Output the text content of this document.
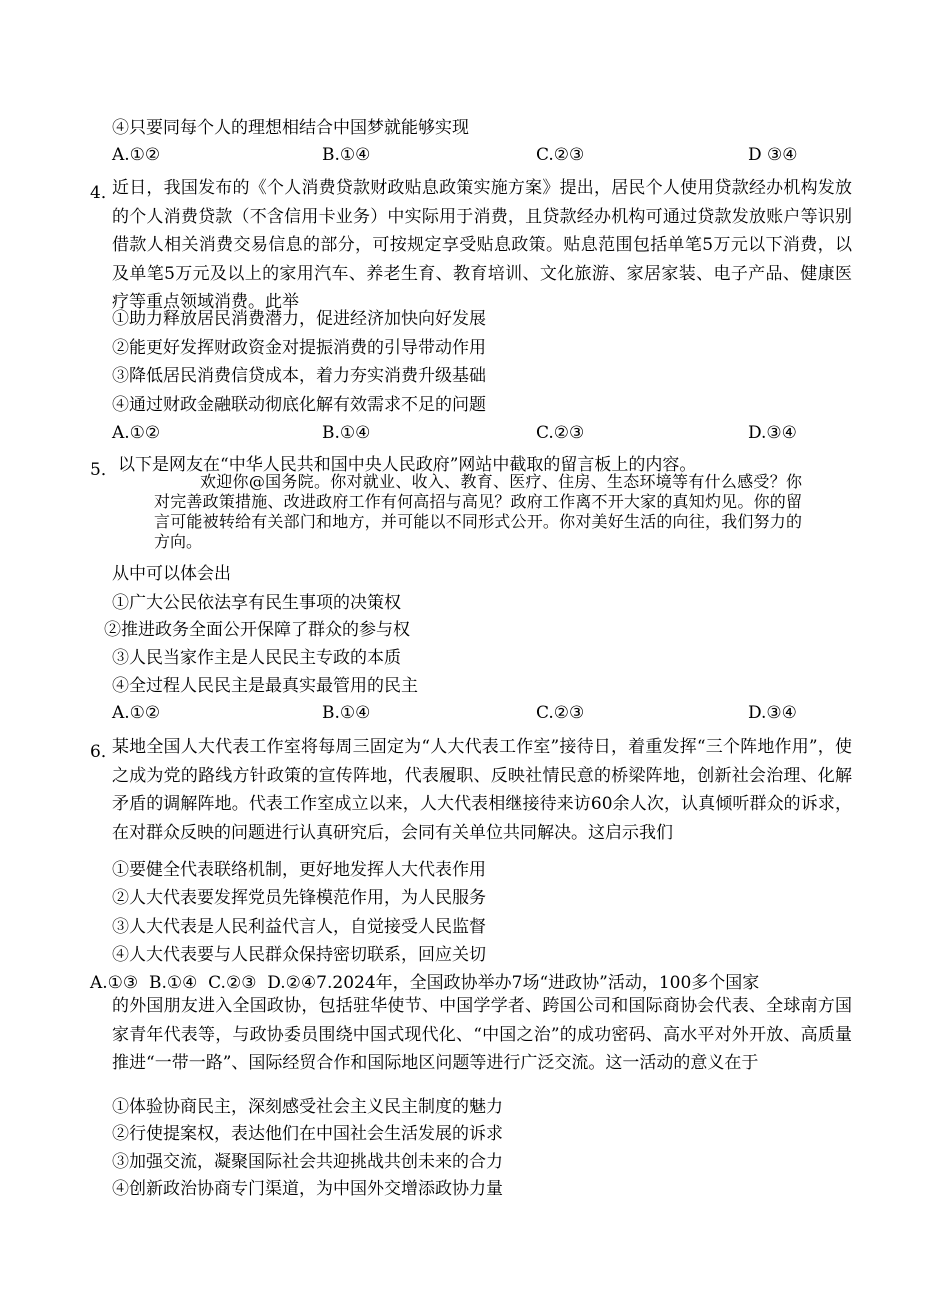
④只要同每个人的理想相结合中国梦就能够实现
A.①②	B.①④	C.②③	D ③④
4．
近日，我国发布的《个人消费贷款财政贴息政策实施方案》提出，居民个人使用贷款经办机构发放的个人消费贷款（不含信用卡业务）中实际用于消费，且贷款经办机构可通过贷款发放账户等识别借款人相关消费交易信息的部分，可按规定享受贴息政策。贴息范围包括单笔5万元以下消费，以及单笔5万元及以上的家用汽车、养老生育、教育培训、文化旅游、家居家装、电子产品、健康医疗等重点领域消费。此举
①助力释放居民消费潜力，促进经济加快向好发展
②能更好发挥财政资金对提振消费的引导带动作用
③降低居民消费信贷成本，着力夯实消费升级基础
④通过财政金融联动彻底化解有效需求不足的问题
A.①②	B.①④	C.②③	D.③④
5． 以下是网友在“中华人民共和国中央人民政府”网站中截取的留言板上的内容。
欢迎你@国务院。你对就业、收入、教育、医疗、住房、生态环境等有什么感受？你对完善政策措施、改进政府工作有何高招与高见？政府工作离不开大家的真知灼见。你的留言可能被转给有关部门和地方，并可能以不同形式公开。你对美好生活的向往，我们努力的方向。
从中可以体会出
①广大公民依法享有民生事项的决策权
②推进政务全面公开保障了群众的参与权
③人民当家作主是人民民主专政的本质
④全过程人民民主是最真实最管用的民主
A.①②	B.①④	C.②③	D.③④
6．
某地全国人大代表工作室将每周三固定为“人大代表工作室”接待日，着重发挥“三个阵地作用”，使之成为党的路线方针政策的宣传阵地，代表履职、反映社情民意的桥梁阵地，创新社会治理、化解矛盾的调解阵地。代表工作室成立以来，人大代表相继接待来访60余人次，认真倾听群众的诉求，在对群众反映的问题进行认真研究后，会同有关单位共同解决。这启示我们
①要健全代表联络机制，更好地发挥人大代表作用
②人大代表要发挥党员先锋模范作用，为人民服务
③人大代表是人民利益代言人，自觉接受人民监督
④人大代表要与人民群众保持密切联系，回应关切
A.①③  B.①④  C.②③  D.②④7.2024年，全国政协举办7场“进政协”活动，100多个国家
的外国朋友进入全国政协，包括驻华使节、中国学学者、跨国公司和国际商协会代表、全球南方国家青年代表等，与政协委员围绕中国式现代化、“中国之治”的成功密码、高水平对外开放、高质量推进“一带一路”、国际经贸合作和国际地区问题等进行广泛交流。这一活动的意义在于
①体验协商民主，深刻感受社会主义民主制度的魅力
②行使提案权，表达他们在中国社会生活发展的诉求
③加强交流，凝聚国际社会共迎挑战共创未来的合力
④创新政治协商专门渠道，为中国外交增添政协力量
